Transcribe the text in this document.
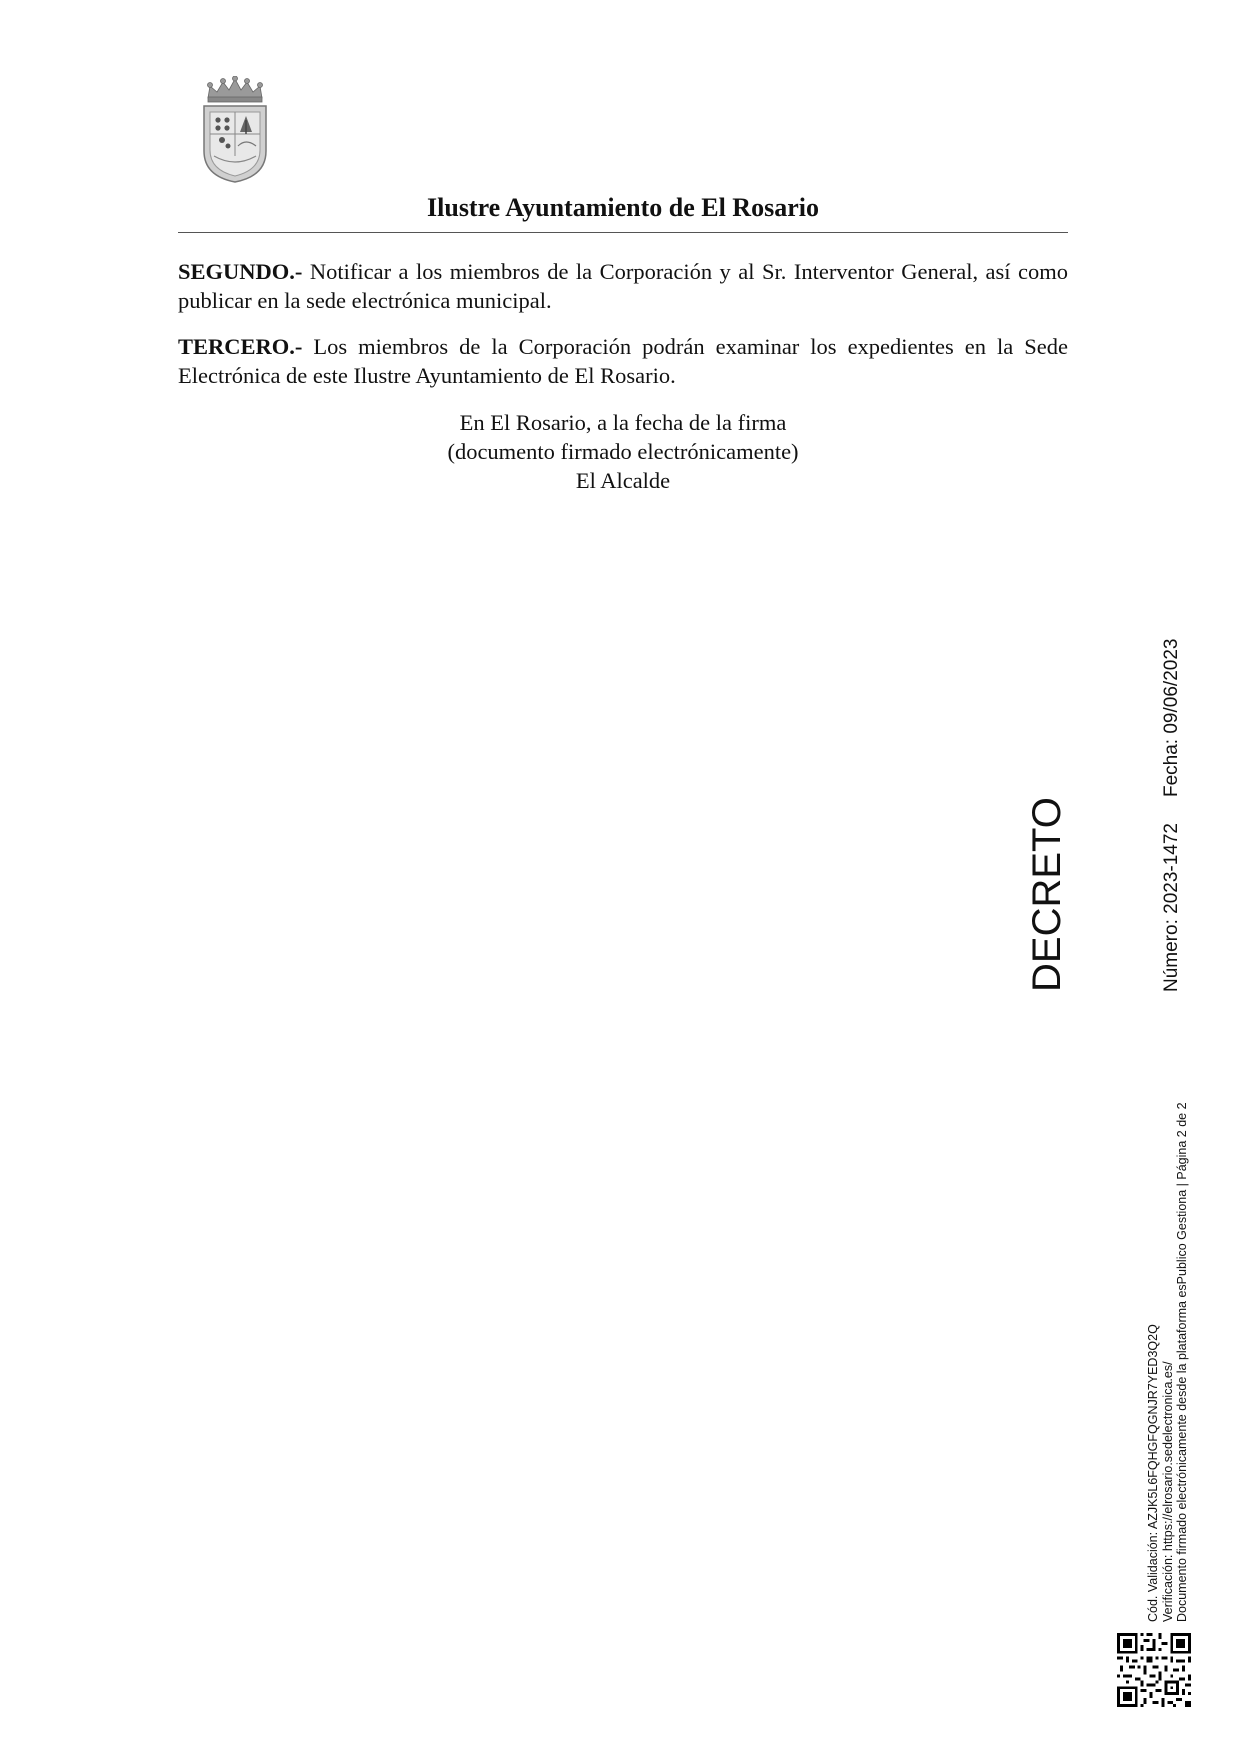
Ilustre Ayuntamiento de El Rosario

SEGUNDO.- Notificar a los miembros de la Corporación y al Sr. Interventor General, así como publicar en la sede electrónica municipal.

TERCERO.- Los miembros de la Corporación podrán examinar los expedientes en la Sede Electrónica de este Ilustre Ayuntamiento de El Rosario.

En El Rosario, a la fecha de la firma
(documento firmado electrónicamente)
El Alcalde
DECRETO	Número: 2023-1472Fecha: 09/06/2023
Cód. Validación: AZJK5L6FQHGFQGNJR7YED3Q2Q Verificación: https://elrosario.sedelectronica.es/ Documento firmado electrónicamente desde la plataforma esPublico Gestiona | Página 2 de 2
